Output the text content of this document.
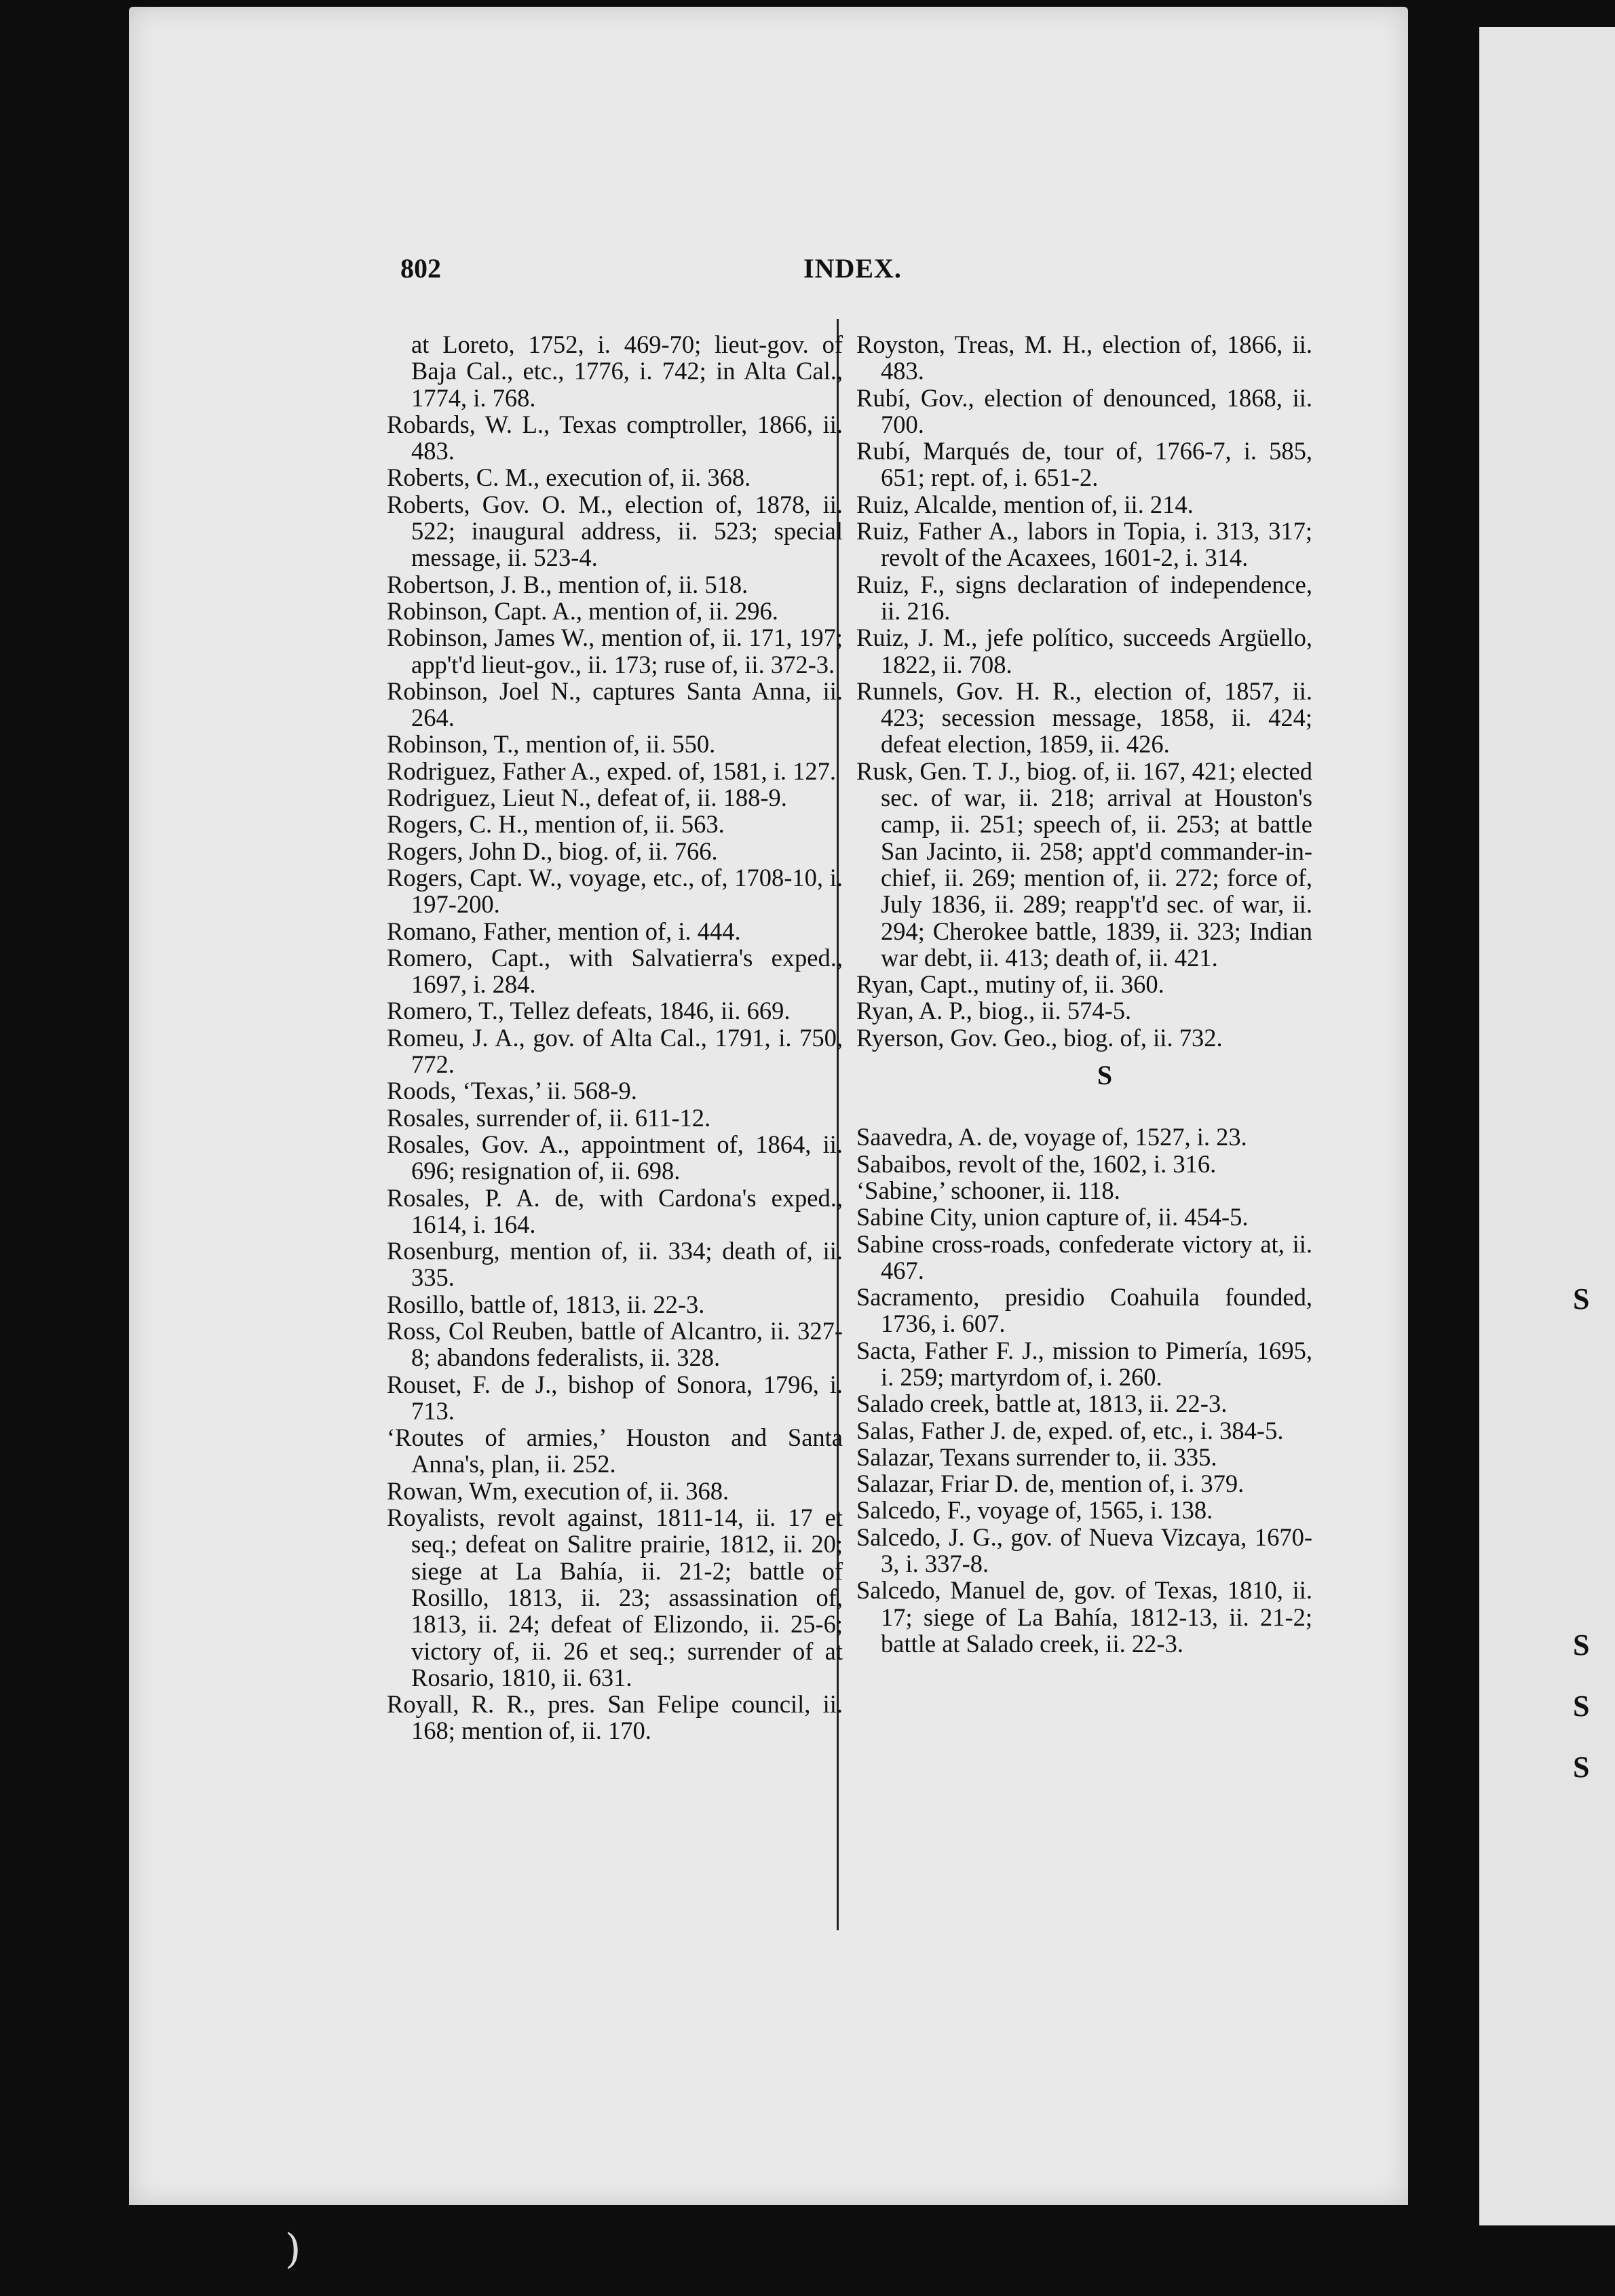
S
S
S
S
802	INDEX.

at Loreto, 1752, i. 469-70; lieut-gov. of Baja Cal., etc., 1776, i. 742; in Alta Cal., 1774, i. 768.

Robards, W. L., Texas comptroller, 1866, ii. 483.

Roberts, C. M., execution of, ii. 368.

Roberts, Gov. O. M., election of, 1878, ii. 522; inaugural address, ii. 523; special message, ii. 523-4.

Robertson, J. B., mention of, ii. 518.

Robinson, Capt. A., mention of, ii. 296.

Robinson, James W., mention of, ii. 171, 197; app't'd lieut-gov., ii. 173; ruse of, ii. 372-3.

Robinson, Joel N., captures Santa Anna, ii. 264.

Robinson, T., mention of, ii. 550.

Rodriguez, Father A., exped. of, 1581, i. 127.

Rodriguez, Lieut N., defeat of, ii. 188-9.

Rogers, C. H., mention of, ii. 563.

Rogers, John D., biog. of, ii. 766.

Rogers, Capt. W., voyage, etc., of, 1708-10, i. 197-200.

Romano, Father, mention of, i. 444.

Romero, Capt., with Salvatierra's exped., 1697, i. 284.

Romero, T., Tellez defeats, 1846, ii. 669.

Romeu, J. A., gov. of Alta Cal., 1791, i. 750, 772.

Roods, ‘Texas,’ ii. 568-9.

Rosales, surrender of, ii. 611-12.

Rosales, Gov. A., appointment of, 1864, ii. 696; resignation of, ii. 698.

Rosales, P. A. de, with Cardona's exped., 1614, i. 164.

Rosenburg, mention of, ii. 334; death of, ii. 335.

Rosillo, battle of, 1813, ii. 22-3.

Ross, Col Reuben, battle of Alcantro, ii. 327-8; abandons federalists, ii. 328.

Rouset, F. de J., bishop of Sonora, 1796, i. 713.

‘Routes of armies,’ Houston and Santa Anna's, plan, ii. 252.

Rowan, Wm, execution of, ii. 368.

Royalists, revolt against, 1811-14, ii. 17 et seq.; defeat on Salitre prairie, 1812, ii. 20; siege at La Bahía, ii. 21-2; battle of Rosillo, 1813, ii. 23; assassination of, 1813, ii. 24; defeat of Elizondo, ii. 25-6; victory of, ii. 26 et seq.; surrender of at Rosario, 1810, ii. 631.

Royall, R. R., pres. San Felipe council, ii. 168; mention of, ii. 170.

Royston, Treas, M. H., election of, 1866, ii. 483.

Rubí, Gov., election of denounced, 1868, ii. 700.

Rubí, Marqués de, tour of, 1766-7, i. 585, 651; rept. of, i. 651-2.

Ruiz, Alcalde, mention of, ii. 214.

Ruiz, Father A., labors in Topia, i. 313, 317; revolt of the Acaxees, 1601-2, i. 314.

Ruiz, F., signs declaration of independence, ii. 216.

Ruiz, J. M., jefe político, succeeds Argüello, 1822, ii. 708.

Runnels, Gov. H. R., election of, 1857, ii. 423; secession message, 1858, ii. 424; defeat election, 1859, ii. 426.

Rusk, Gen. T. J., biog. of, ii. 167, 421; elected sec. of war, ii. 218; arrival at Houston's camp, ii. 251; speech of, ii. 253; at battle San Jacinto, ii. 258; appt'd commander-in-chief, ii. 269; mention of, ii. 272; force of, July 1836, ii. 289; reapp't'd sec. of war, ii. 294; Cherokee battle, 1839, ii. 323; Indian war debt, ii. 413; death of, ii. 421.

Ryan, Capt., mutiny of, ii. 360.

Ryan, A. P., biog., ii. 574-5.

Ryerson, Gov. Geo., biog. of, ii. 732.

S

Saavedra, A. de, voyage of, 1527, i. 23.

Sabaibos, revolt of the, 1602, i. 316.

‘Sabine,’ schooner, ii. 118.

Sabine City, union capture of, ii. 454-5.

Sabine cross-roads, confederate victory at, ii. 467.

Sacramento, presidio Coahuila founded, 1736, i. 607.

Sacta, Father F. J., mission to Pimería, 1695, i. 259; martyrdom of, i. 260.

Salado creek, battle at, 1813, ii. 22-3.

Salas, Father J. de, exped. of, etc., i. 384-5.

Salazar, Texans surrender to, ii. 335.

Salazar, Friar D. de, mention of, i. 379.

Salcedo, F., voyage of, 1565, i. 138.

Salcedo, J. G., gov. of Nueva Vizcaya, 1670-3, i. 337-8.

Salcedo, Manuel de, gov. of Texas, 1810, ii. 17; siege of La Bahía, 1812-13, ii. 21-2; battle at Salado creek, ii. 22-3.

)
